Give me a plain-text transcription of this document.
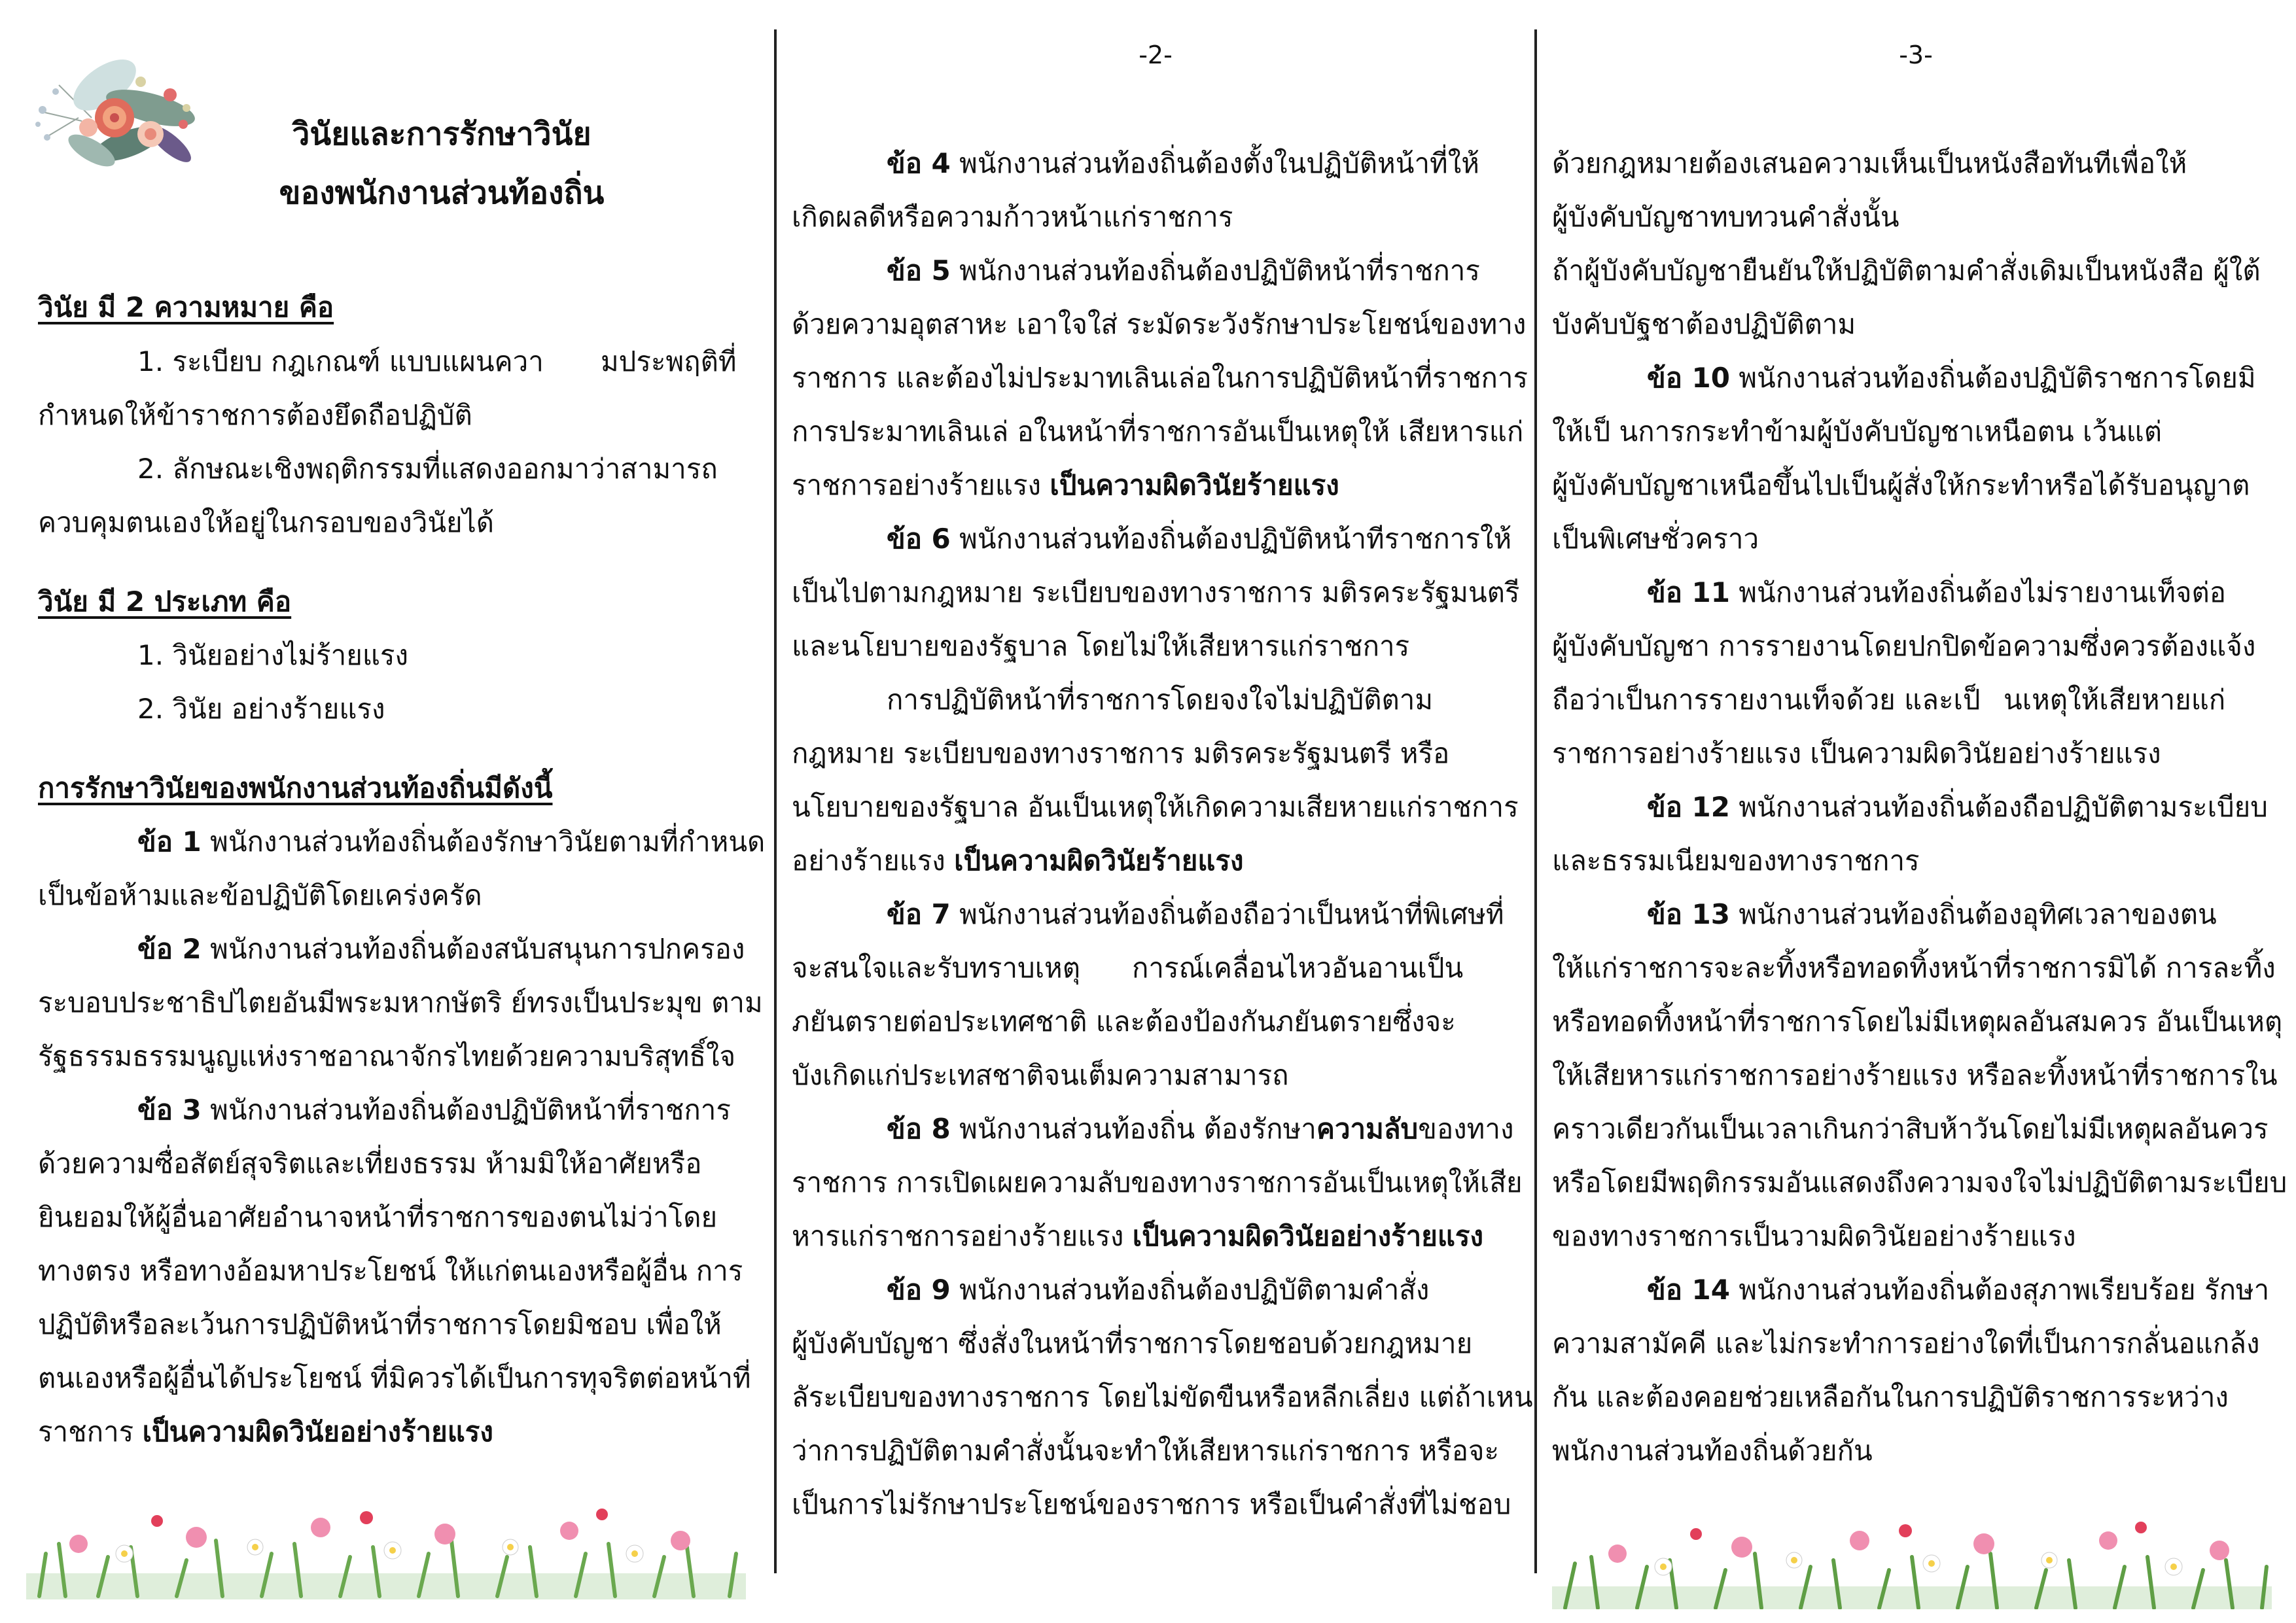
วินัยและการรักษาวินัย
ของพนักงานส่วนท้องถิ่น
วินัย มี 2 ความหมาย คือ
1. ระเบียบ กฎเกณฑ์ แบบแผนควา มประพฤติที่
กำหนดให้ข้าราชการต้องยึดถือปฏิบัติ
2. ลักษณะเชิงพฤติกรรมที่แสดงออกมาว่าสามารถ
ควบคุมตนเองให้อยู่ในกรอบของวินัยได้
วินัย มี 2 ประเภท คือ
1. วินัยอย่างไม่ร้ายแรง
2. วินัย อย่างร้ายแรง
การรักษาวินัยของพนักงานส่วนท้องถิ่นมีดังนี้
ข้อ 1 พนักงานส่วนท้องถิ่นต้องรักษาวินัยตามที่กำหนด
เป็นข้อห้ามและข้อปฏิบัติโดยเคร่งครัด
ข้อ 2 พนักงานส่วนท้องถิ่นต้องสนับสนุนการปกครอง
ระบอบประชาธิปไตยอันมีพระมหากษัตริ ย์ทรงเป็นประมุข ตาม
รัฐธรรมธรรมนูญแห่งราชอาณาจักรไทยด้วยความบริสุทธิ์ใจ
ข้อ 3 พนักงานส่วนท้องถิ่นต้องปฏิบัติหน้าที่ราชการ
ด้วยความซื่อสัตย์สุจริตและเที่ยงธรรม ห้ามมิให้อาศัยหรือ
ยินยอมให้ผู้อื่นอาศัยอำนาจหน้าที่ราชการของตนไม่ว่าโดย
ทางตรง หรือทางอ้อมหาประโยชน์ ให้แก่ตนเองหรือผู้อื่น การ
ปฏิบัติหรือละเว้นการปฏิบัติหน้าที่ราชการโดยมิชอบ เพื่อให้
ตนเองหรือผู้อื่นได้ประโยชน์ ที่มิควรได้เป็นการทุจริตต่อหน้าที่
ราชการ เป็นความผิดวินัยอย่างร้ายแรง
-2-
ข้อ 4 พนักงานส่วนท้องถิ่นต้องตั้งในปฏิบัติหน้าที่ให้
เกิดผลดีหรือความก้าวหน้าแก่ราชการ
ข้อ 5 พนักงานส่วนท้องถิ่นต้องปฏิบัติหน้าที่ราชการ
ด้วยความอุตสาหะ เอาใจใส่ ระมัดระวังรักษาประโยชน์ของทาง
ราชการ และต้องไม่ประมาทเลินเล่อในการปฏิบัติหน้าที่ราชการ
การประมาทเลินเล่ อในหน้าที่ราชการอันเป็นเหตุให้ เสียหารแก่
ราชการอย่างร้ายแรง เป็นความผิดวินัยร้ายแรง
ข้อ 6 พนักงานส่วนท้องถิ่นต้องปฏิบัติหน้าทีราชการให้
เป็นไปตามกฎหมาย ระเบียบของทางราชการ มติรคระรัฐมนตรี
และนโยบายของรัฐบาล โดยไม่ให้เสียหารแก่ราชการ
การปฏิบัติหน้าที่ราชการโดยจงใจไม่ปฏิบัติตาม
กฎหมาย ระเบียบของทางราชการ มติรคระรัฐมนตรี หรือ
นโยบายของรัฐบาล อันเป็นเหตุให้เกิดความเสียหายแก่ราชการ
อย่างร้ายแรง เป็นความผิดวินัยร้ายแรง
ข้อ 7 พนักงานส่วนท้องถิ่นต้องถือว่าเป็นหน้าที่พิเศษที่
จะสนใจและรับทราบเหตุ การณ์เคลื่อนไหวอันอานเป็น
ภยันตรายต่อประเทศชาติ และต้องป้องกันภยันตรายซึ่งจะ
บังเกิดแก่ประเทสชาติจนเต็มความสามารถ
ข้อ 8 พนักงานส่วนท้องถิ่น ต้องรักษาความลับของทาง
ราชการ การเปิดเผยความลับของทางราชการอันเป็นเหตุให้เสีย
หารแก่ราชการอย่างร้ายแรง เป็นความผิดวินัยอย่างร้ายแรง
ข้อ 9 พนักงานส่วนท้องถิ่นต้องปฏิบัติตามคำสั่ง
ผู้บังคับบัญชา ซึ่งสั่งในหน้าที่ราชการโดยชอบด้วยกฎหมาย
ลัระเบียบของทางราชการ โดยไม่ขัดขืนหรือหลีกเลี่ยง แต่ถ้าเหน
ว่าการปฏิบัติตามคำสั่งนั้นจะทำให้เสียหารแก่ราชการ หรือจะ
เป็นการไม่รักษาประโยชน์ของราชการ หรือเป็นคำสั่งที่ไม่ชอบ
-3-
ด้วยกฎหมายต้องเสนอความเห็นเป็นหนังสือทันทีเพื่อให้
ผู้บังคับบัญชาทบทวนคำสั่งนั้น
ถ้าผู้บังคับบัญชายืนยันให้ปฏิบัติตามคำสั่งเดิมเป็นหนังสือ ผู้ใต้
บังคับบัฐชาต้องปฏิบัติตาม
ข้อ 10 พนักงานส่วนท้องถิ่นต้องปฏิบัติราชการโดยมิ
ให้เป็ นการกระทำข้ามผู้บังคับบัญชาเหนือตน เว้นแต่
ผู้บังคับบัญชาเหนือขึ้นไปเป็นผู้สั่งให้กระทำหรือได้รับอนุญาต
เป็นพิเศษชั่วคราว
ข้อ 11 พนักงานส่วนท้องถิ่นต้องไม่รายงานเท็จต่อ
ผู้บังคับบัญชา การรายงานโดยปกปิดข้อความซึ่งควรต้องแจ้ง
ถือว่าเป็นการรายงานเท็จด้วย และเป็ นเหตุให้เสียหายแก่
ราชการอย่างร้ายแรง เป็นความผิดวินัยอย่างร้ายแรง
ข้อ 12 พนักงานส่วนท้องถิ่นต้องถือปฏิบัติตามระเบียบ
และธรรมเนียมของทางราชการ
ข้อ 13 พนักงานส่วนท้องถิ่นต้องอุทิศเวลาของตน
ให้แก่ราชการจะละทิ้งหรือทอดทิ้งหน้าที่ราชการมิได้ การละทิ้ง
หรือทอดทิ้งหน้าที่ราชการโดยไม่มีเหตุผลอันสมควร อันเป็นเหตุ
ให้เสียหารแก่ราชการอย่างร้ายแรง หรือละทิ้งหน้าที่ราชการใน
คราวเดียวกันเป็นเวลาเกินกว่าสิบห้าวันโดยไม่มีเหตุผลอันควร
หรือโดยมีพฤติกรรมอันแสดงถึงความจงใจไม่ปฏิบัติตามระเบียบ
ของทางราชการเป็นวามผิดวินัยอย่างร้ายแรง
ข้อ 14 พนักงานส่วนท้องถิ่นต้องสุภาพเรียบร้อย รักษา
ความสามัคคี และไม่กระทำการอย่างใดที่เป็นการกลั่นอแกล้ง
กัน และต้องคอยช่วยเหลือกันในการปฏิบัติราชการระหว่าง
พนักงานส่วนท้องถิ่นด้วยกัน
